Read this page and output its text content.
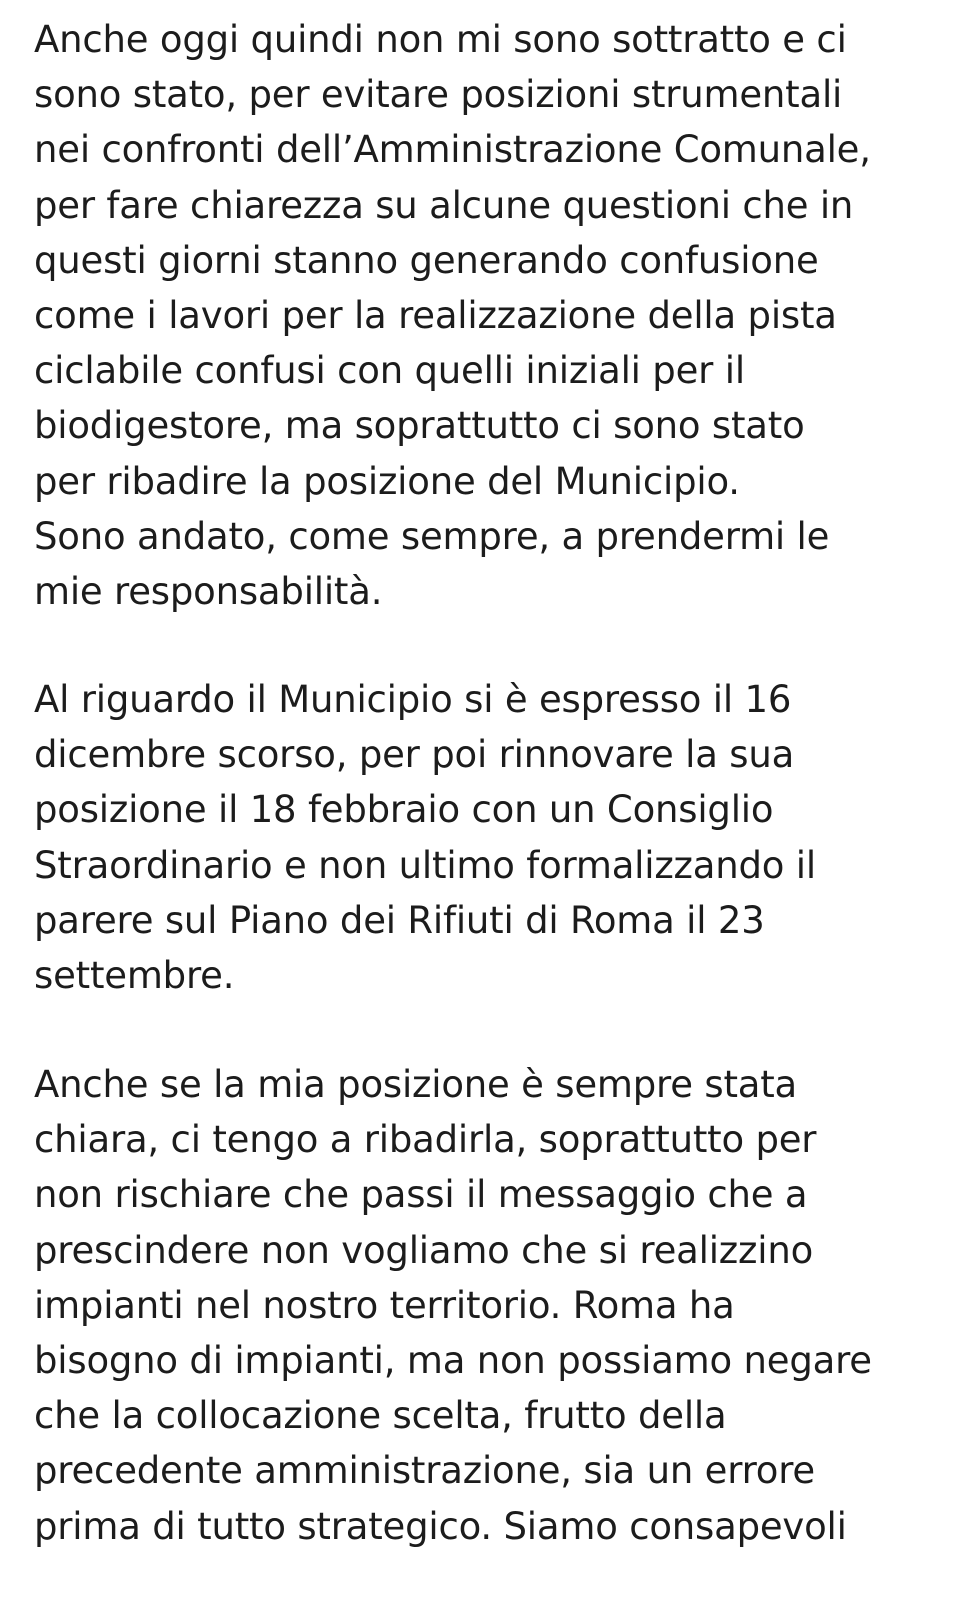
Anche oggi quindi non mi sono sottratto e ci
sono stato, per evitare posizioni strumentali
nei confronti dell’Amministrazione Comunale,
per fare chiarezza su alcune questioni che in
questi giorni stanno generando confusione
come i lavori per la realizzazione della pista
ciclabile confusi con quelli iniziali per il
biodigestore, ma soprattutto ci sono stato
per ribadire la posizione del Municipio.
Sono andato, come sempre, a prendermi le
mie responsabilità.

Al riguardo il Municipio si è espresso il 16
dicembre scorso, per poi rinnovare la sua
posizione il 18 febbraio con un Consiglio
Straordinario e non ultimo formalizzando il
parere sul Piano dei Rifiuti di Roma il 23
settembre.

Anche se la mia posizione è sempre stata
chiara, ci tengo a ribadirla, soprattutto per
non rischiare che passi il messaggio che a
prescindere non vogliamo che si realizzino
impianti nel nostro territorio. Roma ha
bisogno di impianti, ma non possiamo negare
che la collocazione scelta, frutto della
precedente amministrazione, sia un errore
prima di tutto strategico. Siamo consapevoli
